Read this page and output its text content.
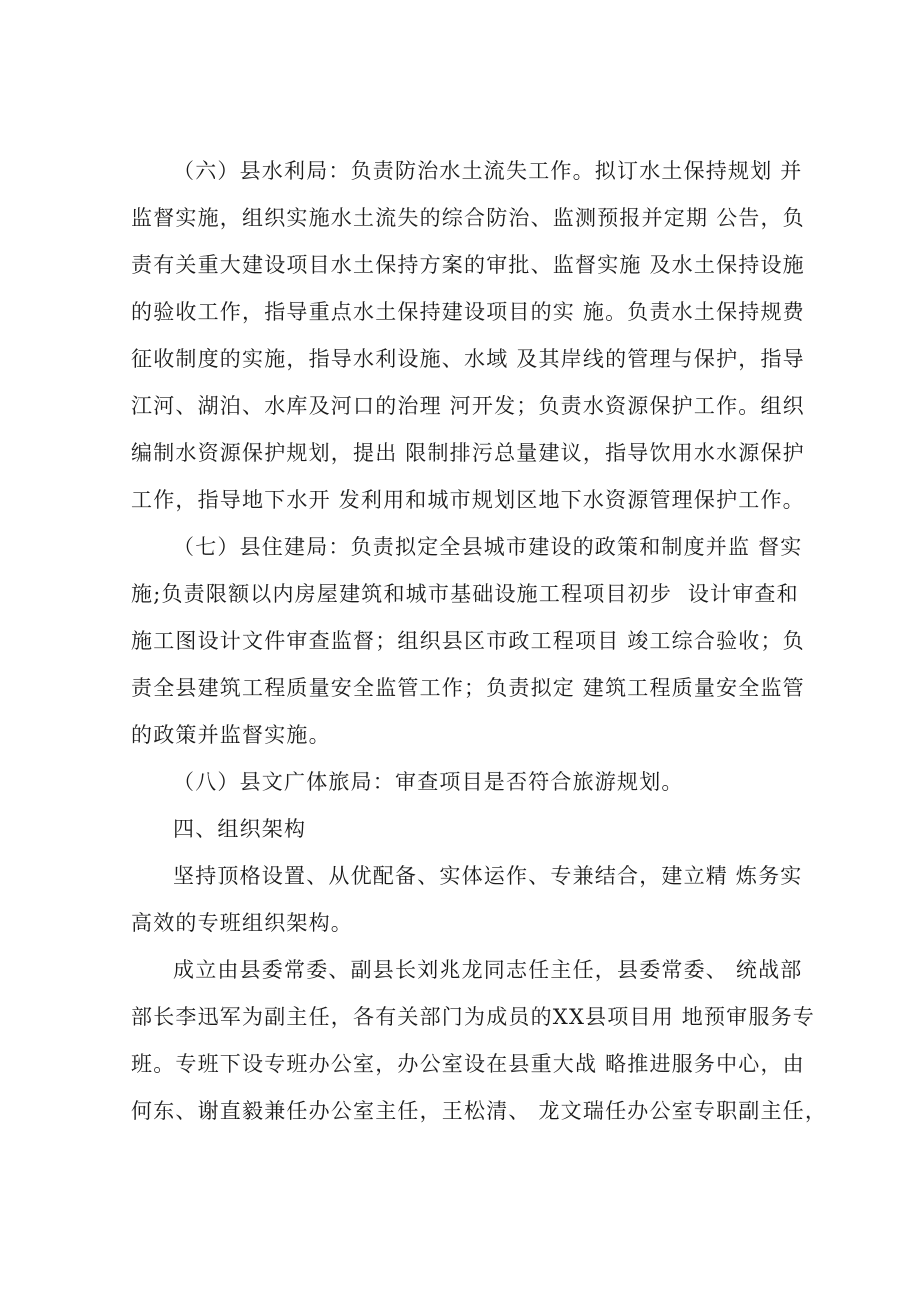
（六）县水利局：负责防治水土流失工作。拟订水土保持规划 并
监督实施，组织实施水土流失的综合防治、监测预报并定期 公告，负
责有关重大建设项目水土保持方案的审批、监督实施 及水土保持设施
的验收工作，指导重点水土保持建设项目的实 施。负责水土保持规费
征收制度的实施，指导水利设施、水域 及其岸线的管理与保护，指导
江河、湖泊、水库及河口的治理 河开发；负责水资源保护工作。组织
编制水资源保护规划，提出 限制排污总量建议，指导饮用水水源保护
工作，指导地下水开 发利用和城市规划区地下水资源管理保护工作。
（七）县住建局：负责拟定全县城市建设的政策和制度并监 督实
施;负责限额以内房屋建筑和城市基础设施工程项目初步  设计审查和
施工图设计文件审查监督；组织县区市政工程项目 竣工综合验收；负
责全县建筑工程质量安全监管工作；负责拟定 建筑工程质量安全监管
的政策并监督实施。
（八）县文广体旅局：审查项目是否符合旅游规划。
四、组织架构
坚持顶格设置、从优配备、实体运作、专兼结合，建立精 炼务实
高效的专班组织架构。
成立由县委常委、副县长刘兆龙同志任主任，县委常委、 统战部
部长李迅军为副主任，各有关部门为成员的XX县项目用 地预审服务专
班。专班下设专班办公室，办公室设在县重大战 略推进服务中心，由
何东、谢直毅兼任办公室主任，王松清、 龙文瑞任办公室专职副主任，
